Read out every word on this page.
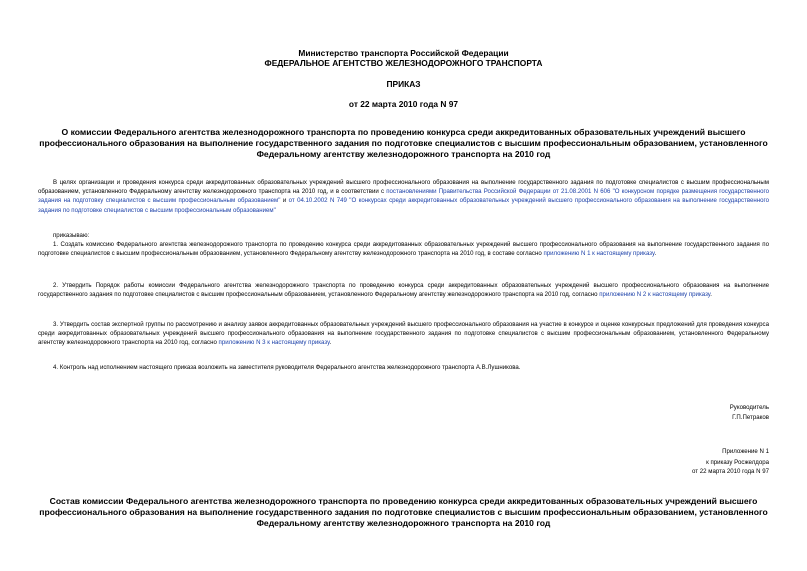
Министерство транспорта Российской Федерации
ФЕДЕРАЛЬНОЕ АГЕНТСТВО ЖЕЛЕЗНОДОРОЖНОГО ТРАНСПОРТА
ПРИКАЗ
от 22 марта 2010 года N 97
О комиссии Федерального агентства железнодорожного транспорта по проведению конкурса среди аккредитованных образовательных учреждений высшего профессионального образования на выполнение государственного задания по подготовке специалистов с высшим профессиональным образованием, установленного Федеральному агентству железнодорожного транспорта на 2010 год
В целях организации и проведения конкурса среди аккредитованных образовательных учреждений высшего профессионального образования на выполнение государственного задания по подготовке специалистов с высшим профессиональным образованием, установленного Федеральному агентству железнодорожного транспорта на 2010 год, и в соответствии с постановлениями Правительства Российской Федерации от 21.08.2001 N 606 "О конкурсном порядке размещения государственного задания на подготовку специалистов с высшим профессиональным образованием" и от 04.10.2002 N 749 "О конкурсах среди аккредитованных образовательных учреждений высшего профессионального образования на выполнение государственного задания по подготовке специалистов с высшим профессиональным образованием"
приказываю:
1. Создать комиссию Федерального агентства железнодорожного транспорта по проведению конкурса среди аккредитованных образовательных учреждений высшего профессионального образования на выполнение государственного задания по подготовке специалистов с высшим профессиональным образованием, установленного Федеральному агентству железнодорожного транспорта на 2010 год, в составе согласно приложению N 1 к настоящему приказу.
2. Утвердить Порядок работы комиссии Федерального агентства железнодорожного транспорта по проведению конкурса среди аккредитованных образовательных учреждений высшего профессионального образования на выполнение государственного задания по подготовке специалистов с высшим профессиональным образованием, установленного Федеральному агентству железнодорожного транспорта на 2010 год, согласно приложению N 2 к настоящему приказу.
3. Утвердить состав экспертной группы по рассмотрению и анализу заявок аккредитованных образовательных учреждений высшего профессионального образования на участие в конкурсе и оценке конкурсных предложений для проведения конкурса среди аккредитованных образовательных учреждений высшего профессионального образования на выполнение государственного задания по подготовке специалистов с высшим профессиональным образованием, установленного Федеральному агентству железнодорожного транспорта на 2010 год, согласно приложению N 3 к настоящему приказу.
4. Контроль над исполнением настоящего приказа возложить на заместителя руководителя Федерального агентства железнодорожного транспорта А.В.Лушникова.
Руководитель
Г.П.Петраков
Приложение N 1
к приказу Росжелдора
от 22 марта 2010 года N 97
Состав комиссии Федерального агентства железнодорожного транспорта по проведению конкурса среди аккредитованных образовательных учреждений высшего профессионального образования на выполнение государственного задания по подготовке специалистов с высшим профессиональным образованием, установленного Федеральному агентству железнодорожного транспорта на 2010 год
